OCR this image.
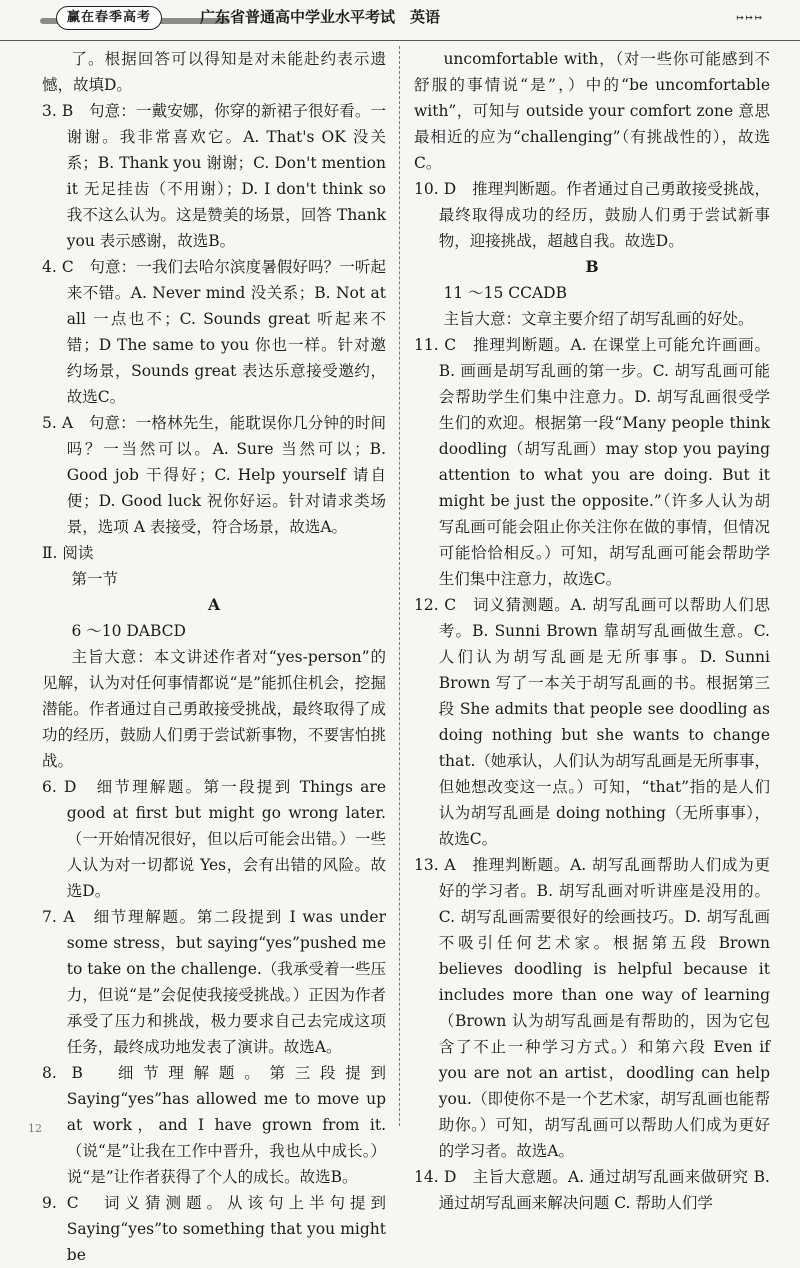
赢在春季高考	广东省普通高中学业水平考试　英语	↦↦↦

了。根据回答可以得知是对未能赴约表示遗憾，故填D。

3. B　句意：一戴安娜，你穿的新裙子很好看。一谢谢。我非常喜欢它。A. That's OK 没关系；B. Thank you 谢谢；C. Don't mention it 无足挂齿（不用谢）；D. I don't think so 我不这么认为。这是赞美的场景，回答 Thank you 表示感谢，故选B。

4. C　句意：一我们去哈尔滨度暑假好吗？一听起来不错。A. Never mind 没关系；B. Not at all 一点也不；C. Sounds great 听起来不错；D The same to you 你也一样。针对邀约场景，Sounds great 表达乐意接受邀约，故选C。

5. A　句意：一格林先生，能耽误你几分钟的时间吗？一当然可以。A. Sure 当然可以；B. Good job 干得好；C. Help yourself 请自便；D. Good luck 祝你好运。针对请求类场景，选项 A 表接受，符合场景，故选A。

Ⅱ. 阅读

第一节

A

6 ～10 DABCD

主旨大意：本文讲述作者对“yes-person”的见解，认为对任何事情都说“是”能抓住机会，挖掘潜能。作者通过自己勇敢接受挑战，最终取得了成功的经历，鼓励人们勇于尝试新事物，不要害怕挑战。

6. D　细节理解题。第一段提到 Things are good at first but might go wrong later.（一开始情况很好，但以后可能会出错。）一些人认为对一切都说 Yes，会有出错的风险。故选D。

7. A　细节理解题。第二段提到 I was under some stress，but saying“yes”pushed me to take on the challenge.（我承受着一些压力，但说“是”会促使我接受挑战。）正因为作者承受了压力和挑战，极力要求自己去完成这项任务，最终成功地发表了演讲。故选A。

8. B　细节理解题。第三段提到 Saying“yes”has allowed me to move up at work，and I have grown from it.（说“是”让我在工作中晋升，我也从中成长。）说“是”让作者获得了个人的成长。故选B。

9. C　词义猜测题。从该句上半句提到 Saying“yes”to something that you might be

uncomfortable with，（对一些你可能感到不舒服的事情说“是”，）中的“be uncomfortable with”，可知与 outside your comfort zone 意思最相近的应为“challenging”（有挑战性的），故选C。

10. D　推理判断题。作者通过自己勇敢接受挑战，最终取得成功的经历，鼓励人们勇于尝试新事物，迎接挑战，超越自我。故选D。

B

11 ～15 CCADB

主旨大意：文章主要介绍了胡写乱画的好处。

11. C　推理判断题。A. 在课堂上可能允许画画。B. 画画是胡写乱画的第一步。C. 胡写乱画可能会帮助学生们集中注意力。D. 胡写乱画很受学生们的欢迎。根据第一段“Many people think doodling（胡写乱画）may stop you paying attention to what you are doing. But it might be just the opposite.”（许多人认为胡写乱画可能会阻止你关注你在做的事情，但情况可能恰恰相反。）可知，胡写乱画可能会帮助学生们集中注意力，故选C。

12. C　词义猜测题。A. 胡写乱画可以帮助人们思考。B. Sunni Brown 靠胡写乱画做生意。C. 人们认为胡写乱画是无所事事。D. Sunni Brown 写了一本关于胡写乱画的书。根据第三段 She admits that people see doodling as doing nothing but she wants to change that.（她承认，人们认为胡写乱画是无所事事，但她想改变这一点。）可知，“that”指的是人们认为胡写乱画是 doing nothing（无所事事），故选C。

13. A　推理判断题。A. 胡写乱画帮助人们成为更好的学习者。B. 胡写乱画对听讲座是没用的。C. 胡写乱画需要很好的绘画技巧。D. 胡写乱画不吸引任何艺术家。根据第五段 Brown believes doodling is helpful because it includes more than one way of learning（Brown 认为胡写乱画是有帮助的，因为它包含了不止一种学习方式。）和第六段 Even if you are not an artist，doodling can help you.（即使你不是一个艺术家，胡写乱画也能帮助你。）可知，胡写乱画可以帮助人们成为更好的学习者。故选A。

14. D　主旨大意题。A. 通过胡写乱画来做研究 B. 通过胡写乱画来解决问题 C. 帮助人们学

12
